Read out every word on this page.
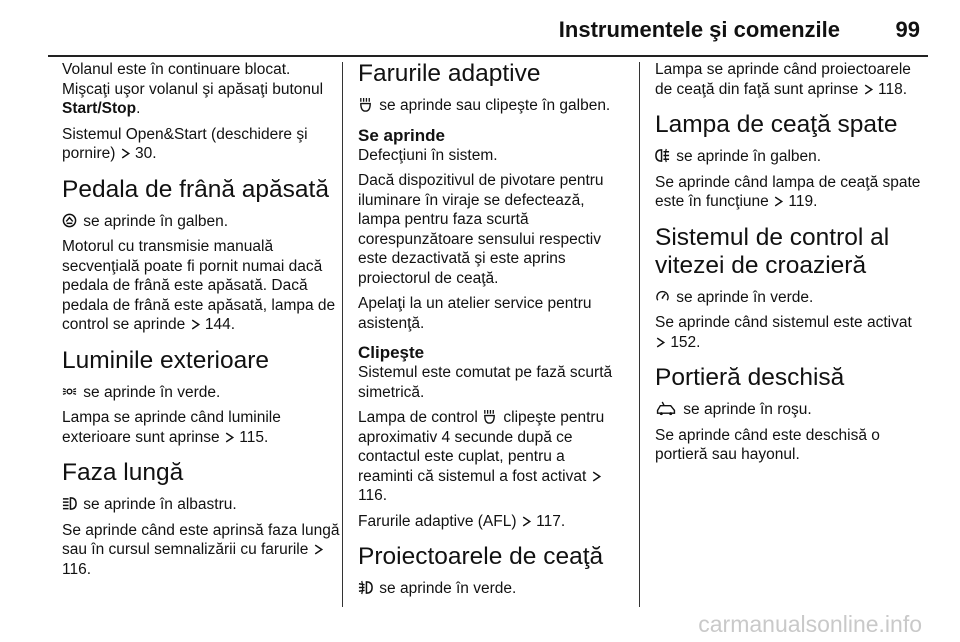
Instrumentele şi comenzile	99

Volanul este în continuare blocat. Mişcaţi uşor volanul şi apăsaţi butonul Start/Stop.

Sistemul Open&Start (deschidere şi pornire)  30.

Pedala de frână apăsată

se aprinde în galben.

Motorul cu transmisie manuală secvenţială poate fi pornit numai dacă pedala de frână este apăsată. Dacă pedala de frână este apăsată, lampa de control se aprinde  144.

Luminile exterioare

se aprinde în verde.

Lampa se aprinde când luminile exterioare sunt aprinse  115.

Faza lungă

se aprinde în albastru.

Se aprinde când este aprinsă faza lungă sau în cursul semnalizării cu farurile  116.

Farurile adaptive

se aprinde sau clipeşte în galben.

Se aprinde

Defecţiuni în sistem.

Dacă dispozitivul de pivotare pentru iluminare în viraje se defectează, lampa pentru faza scurtă corespunzătoare sensului respectiv este dezactivată şi este aprins proiectorul de ceaţă.

Apelaţi la un atelier service pentru asistenţă.

Clipeşte

Sistemul este comutat pe fază scurtă simetrică.

Lampa de control  clipeşte pentru aproximativ 4 secunde după ce contactul este cuplat, pentru a reaminti că sistemul a fost activat  116.

Farurile adaptive (AFL)  117.

Proiectoarele de ceaţă

se aprinde în verde.

Lampa se aprinde când proiectoarele de ceaţă din faţă sunt aprinse  118.

Lampa de ceaţă spate

se aprinde în galben.

Se aprinde când lampa de ceaţă spate este în funcţiune  119.

Sistemul de control al vitezei de croazieră

se aprinde în verde.

Se aprinde când sistemul este activat
152.

Portieră deschisă

se aprinde în roşu.

Se aprinde când este deschisă o portieră sau hayonul.

carmanualsonline.info
